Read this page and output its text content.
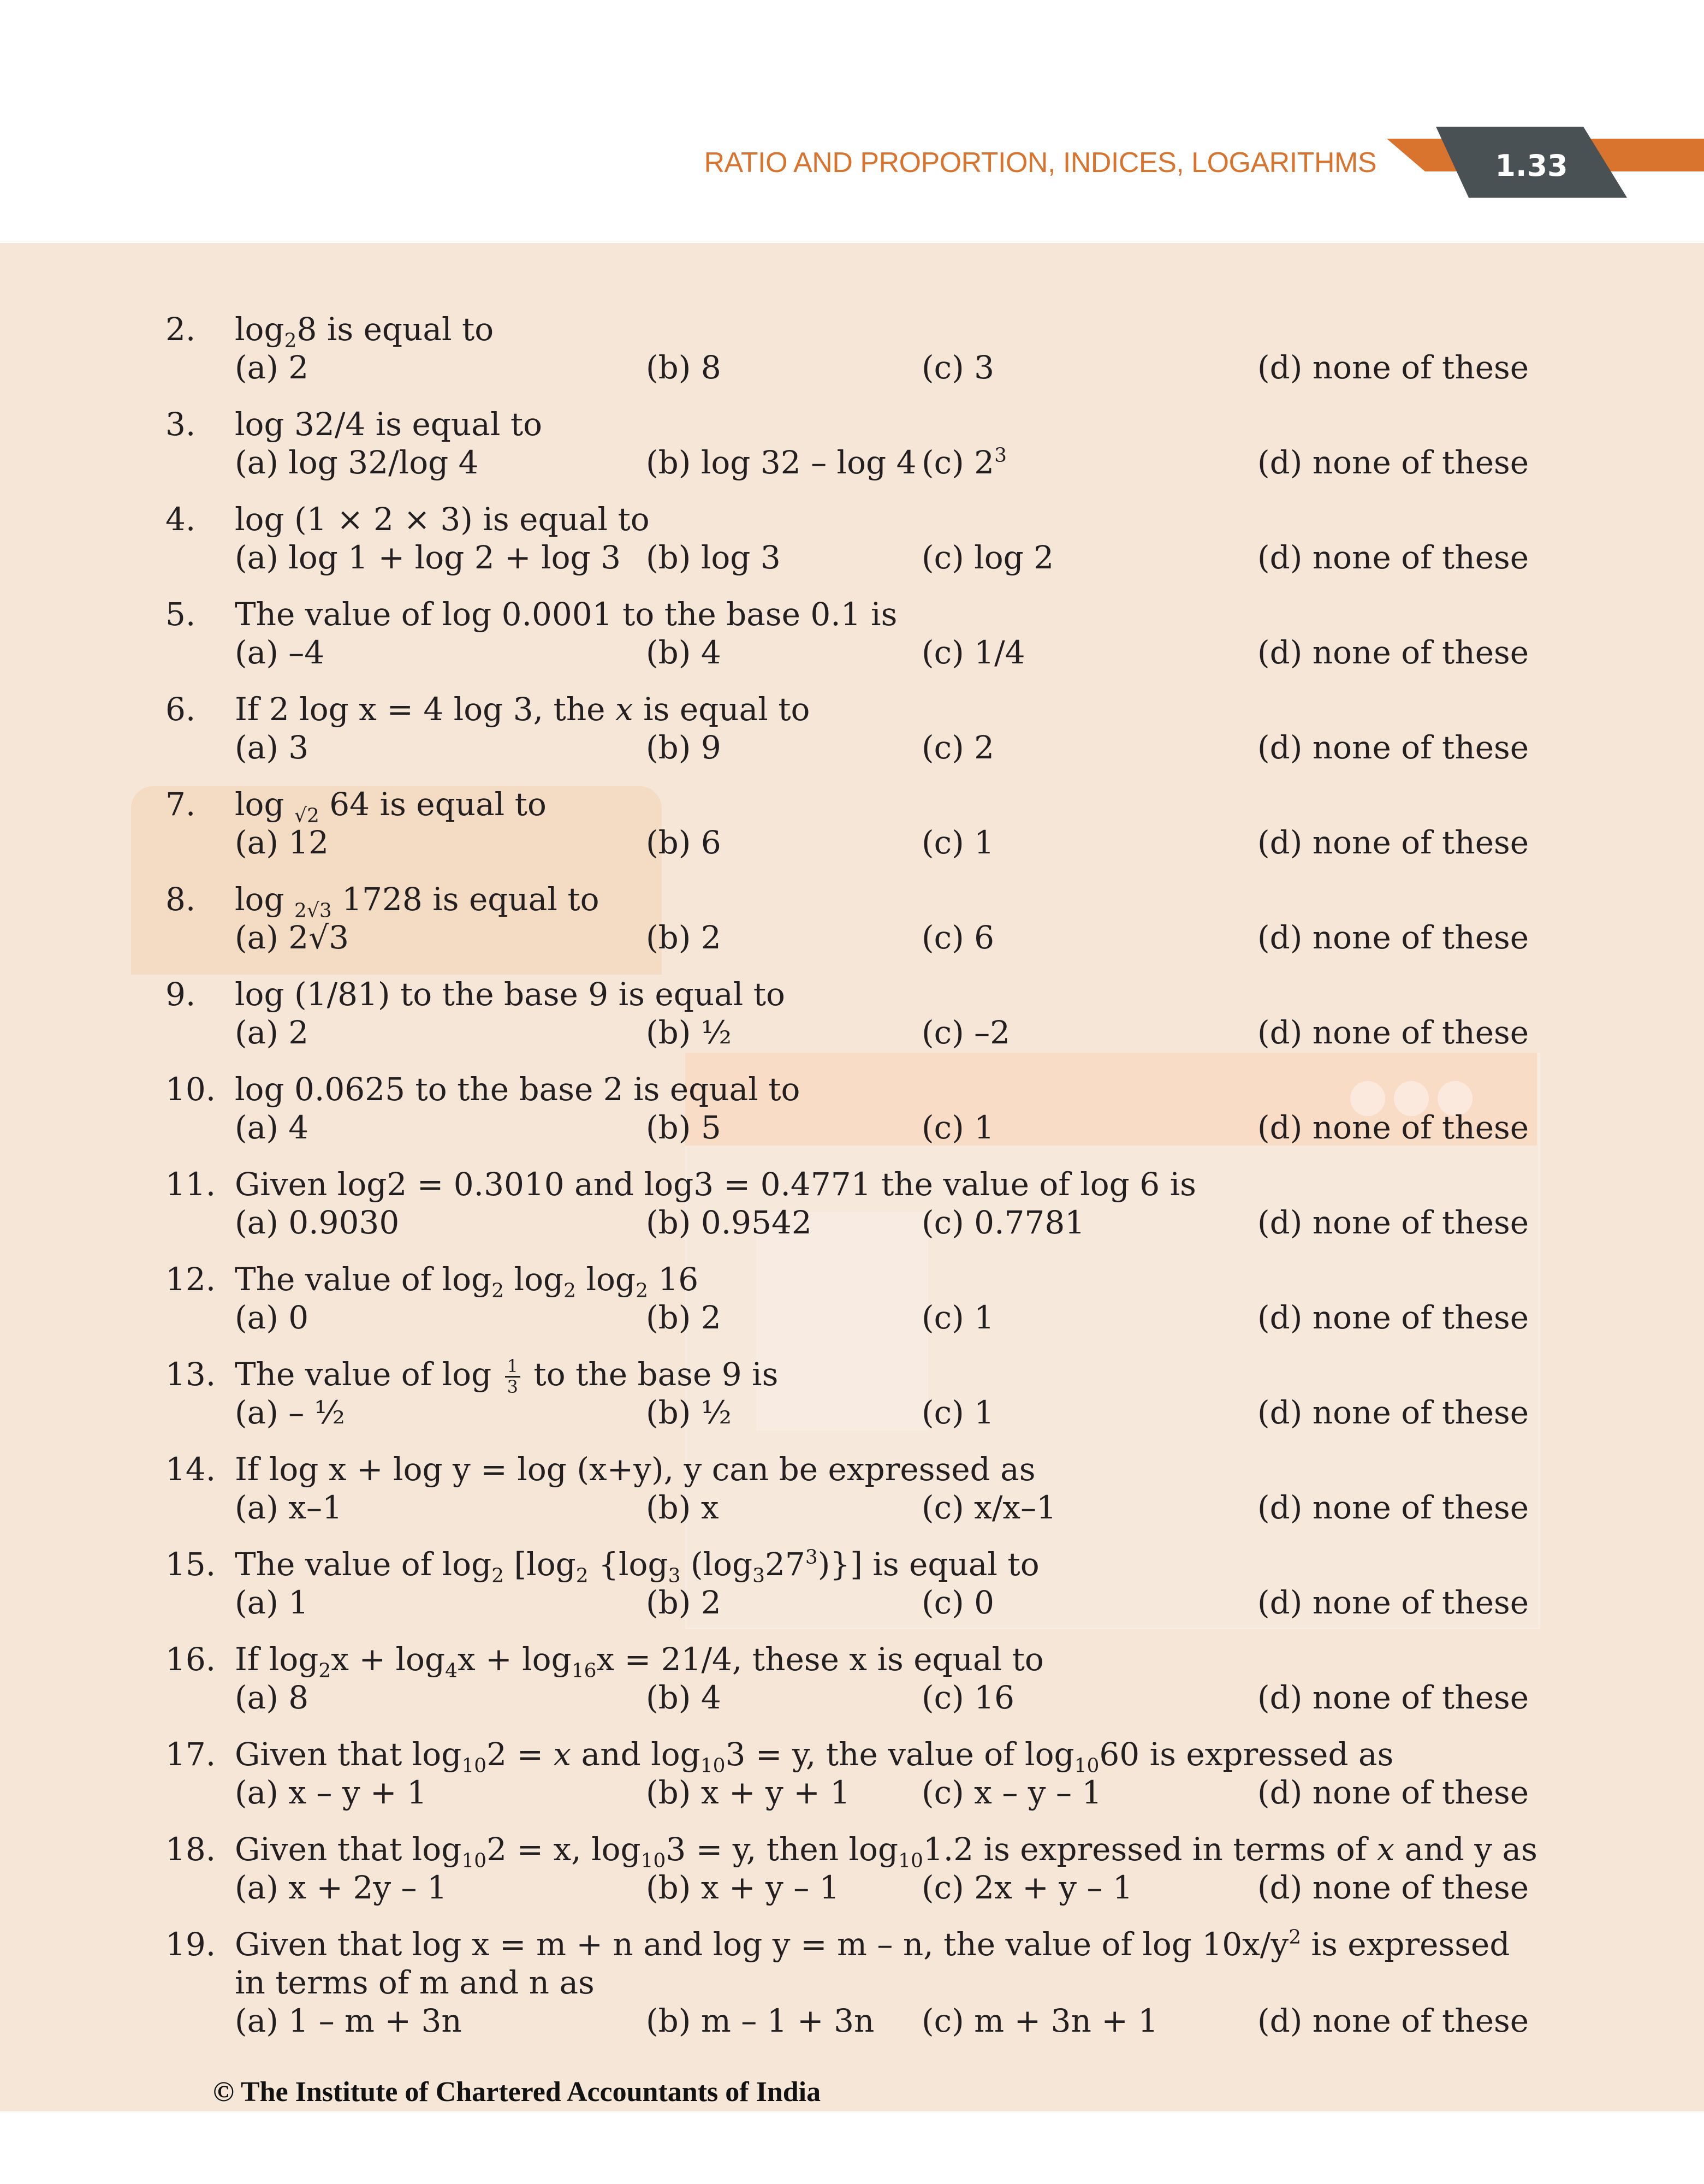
RATIO AND PROPORTION, INDICES, LOGARITHMS	1.33
2. $\log_28$ is equal to
(a) 2	(b) 8	(c) 3	(d) none of these
3. log 32/4 is equal to
(a) log 32/log 4	(b) log 32 – log 4 (c) $2^3$	(d) none of these
4. log (1 × 2 × 3) is equal to
(a) log 1 + log 2 + log 3 (b) log 3	(c) log 2	(d) none of these
5. The value of log 0.0001 to the base 0.1 is
(a) –4	(b) 4	(c) 1/4	(d) none of these
6. If 2 log x = 4 log 3, the x is equal to
(a) 3	(b) 9	(c) 2	(d) none of these
7. log $_{√2}$ 64 is equal to
(a) 12	(b) 6	(c) 1	(d) none of these
8. log $_{2√3}$ 1728 is equal to
(a) 2√3	(b) 2	(c) 6	(d) none of these
9. log (1/81) to the base 9 is equal to
(a) 2	(b) ½	(c) –2	(d) none of these
10. log 0.0625 to the base 2 is equal to
(a) 4	(b) 5	(c) 1	(d) none of these
11. Given log2 = 0.3010 and log3 = 0.4771 the value of log 6 is
(a) 0.9030	(b) 0.9542	(c) 0.7781	(d) none of these
12. The value of $\log_2 \log_2 \log_2 16$
(a) 0	(b) 2	(c) 1	(d) none of these
13. The value of $\log \frac{1}{3}$ to the base 9 is
(a) – ½	(b) ½	(c) 1	(d) none of these
14. If log x + log y = log (x+y), y can be expressed as
(a) x–1	(b) x	(c) x/x–1	(d) none of these
15. The value of $\log_2 [\log_2$ {$\log_3$ $(\log_327^3)$}] is equal to
(a) 1	(b) 2	(c) 0	(d) none of these
16. If $\log_2x + \log_4x + \log_{16}x = 21/4$, these x is equal to
(a) 8	(b) 4	(c) 16	(d) none of these
17. Given that $\log_{10}2 = x$ and $\log_{10}3 = y$, the value of $\log_{10}60$ is expressed as
(a) x – y + 1	(b) x + y + 1 (c) x – y – 1	(d) none of these
18. Given that $\log_{10}2 = x$, $\log_{10}3 = y$, then $\log_{10}1.2$ is expressed in terms of x and y as
(a) x + 2y – 1	(b) x + y – 1	(c) 2x + y – 1	(d) none of these
19. Given that log x = m + n and log y = m – n, the value of $\log 10x/y^2$ is expressed in terms of m and n as
(a) 1 – m + 3n	(b) m – 1 + 3n (c) m + 3n + 1	(d) none of these
© The Institute of Chartered Accountants of India
